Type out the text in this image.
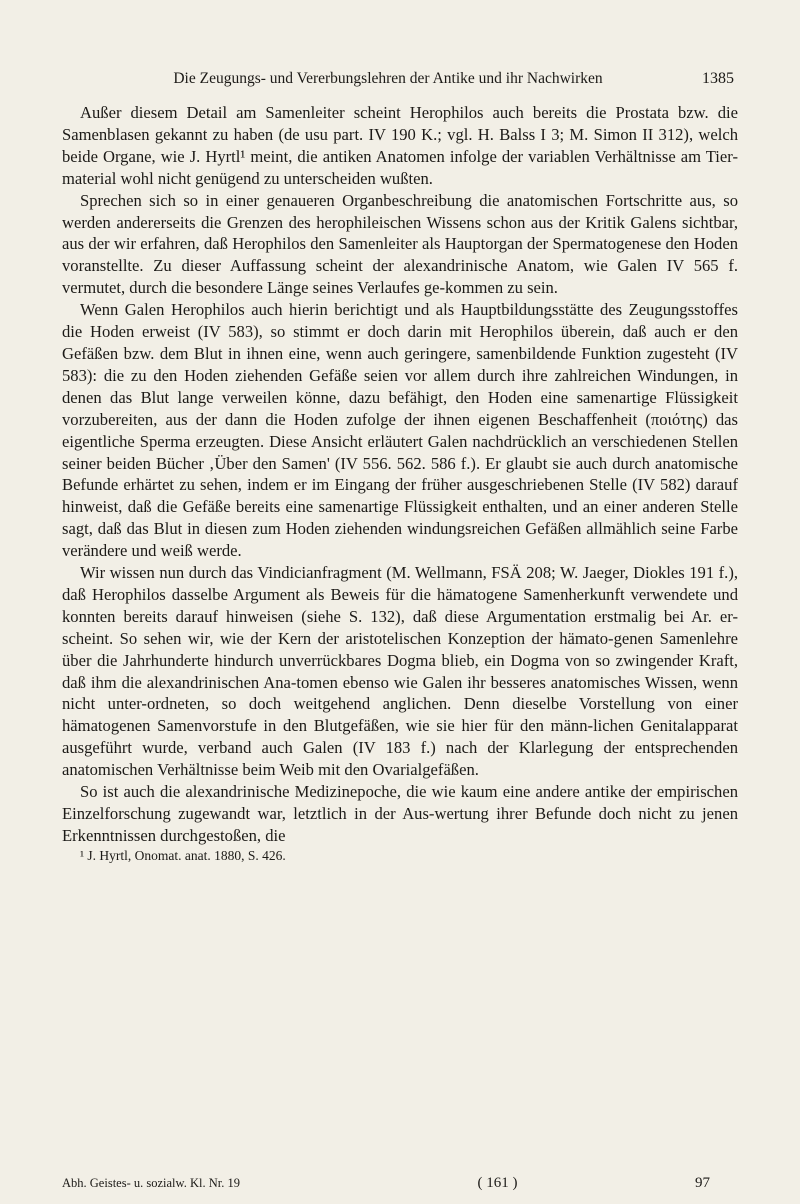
Die Zeugungs- und Vererbungslehren der Antike und ihr Nachwirken	1385

Außer diesem Detail am Samenleiter scheint Herophilos auch bereits die Prostata bzw. die Samenblasen gekannt zu haben (de usu part. IV 190 K.; vgl. H. Balss I 3; M. Simon II 312), welch beide Organe, wie J. Hyrtl¹ meint, die antiken Anatomen infolge der variablen Verhältnisse am Tier-material wohl nicht genügend zu unterscheiden wußten.

Sprechen sich so in einer genaueren Organbeschreibung die anatomischen Fortschritte aus, so werden andererseits die Grenzen des herophileischen Wissens schon aus der Kritik Galens sichtbar, aus der wir erfahren, daß Herophilos den Samenleiter als Hauptorgan der Spermatogenese den Hoden voranstellte. Zu dieser Auffassung scheint der alexandrinische Anatom, wie Galen IV 565 f. vermutet, durch die besondere Länge seines Verlaufes ge-kommen zu sein.

Wenn Galen Herophilos auch hierin berichtigt und als Hauptbildungsstätte des Zeugungsstoffes die Hoden erweist (IV 583), so stimmt er doch darin mit Herophilos überein, daß auch er den Gefäßen bzw. dem Blut in ihnen eine, wenn auch geringere, samenbildende Funktion zugesteht (IV 583): die zu den Hoden ziehenden Gefäße seien vor allem durch ihre zahlreichen Windungen, in denen das Blut lange verweilen könne, dazu befähigt, den Hoden eine samenartige Flüssigkeit vorzubereiten, aus der dann die Hoden zufolge der ihnen eigenen Beschaffenheit (ποιότης) das eigentliche Sperma erzeugten. Diese Ansicht erläutert Galen nachdrücklich an verschiedenen Stellen seiner beiden Bücher ‚Über den Samen' (IV 556. 562. 586 f.). Er glaubt sie auch durch anatomische Befunde erhärtet zu sehen, indem er im Eingang der früher ausgeschriebenen Stelle (IV 582) darauf hinweist, daß die Gefäße bereits eine samenartige Flüssigkeit enthalten, und an einer anderen Stelle sagt, daß das Blut in diesen zum Hoden ziehenden windungsreichen Gefäßen allmählich seine Farbe verändere und weiß werde.

Wir wissen nun durch das Vindicianfragment (M. Wellmann, FSÄ 208; W. Jaeger, Diokles 191 f.), daß Herophilos dasselbe Argument als Beweis für die hämatogene Samenherkunft verwendete und konnten bereits darauf hinweisen (siehe S. 132), daß diese Argumentation erstmalig bei Ar. er-scheint. So sehen wir, wie der Kern der aristotelischen Konzeption der hämato-genen Samenlehre über die Jahrhunderte hindurch unverrückbares Dogma blieb, ein Dogma von so zwingender Kraft, daß ihm die alexandrinischen Ana-tomen ebenso wie Galen ihr besseres anatomisches Wissen, wenn nicht unter-ordneten, so doch weitgehend anglichen. Denn dieselbe Vorstellung von einer hämatogenen Samenvorstufe in den Blutgefäßen, wie sie hier für den männ-lichen Genitalapparat ausgeführt wurde, verband auch Galen (IV 183 f.) nach der Klarlegung der entsprechenden anatomischen Verhältnisse beim Weib mit den Ovarialgefäßen.

So ist auch die alexandrinische Medizinepoche, die wie kaum eine andere antike der empirischen Einzelforschung zugewandt war, letztlich in der Aus-wertung ihrer Befunde doch nicht zu jenen Erkenntnissen durchgestoßen, die

¹ J. Hyrtl, Onomat. anat. 1880, S. 426.
Abh. Geistes- u. sozialw. Kl. Nr. 19	( 161 )	97
